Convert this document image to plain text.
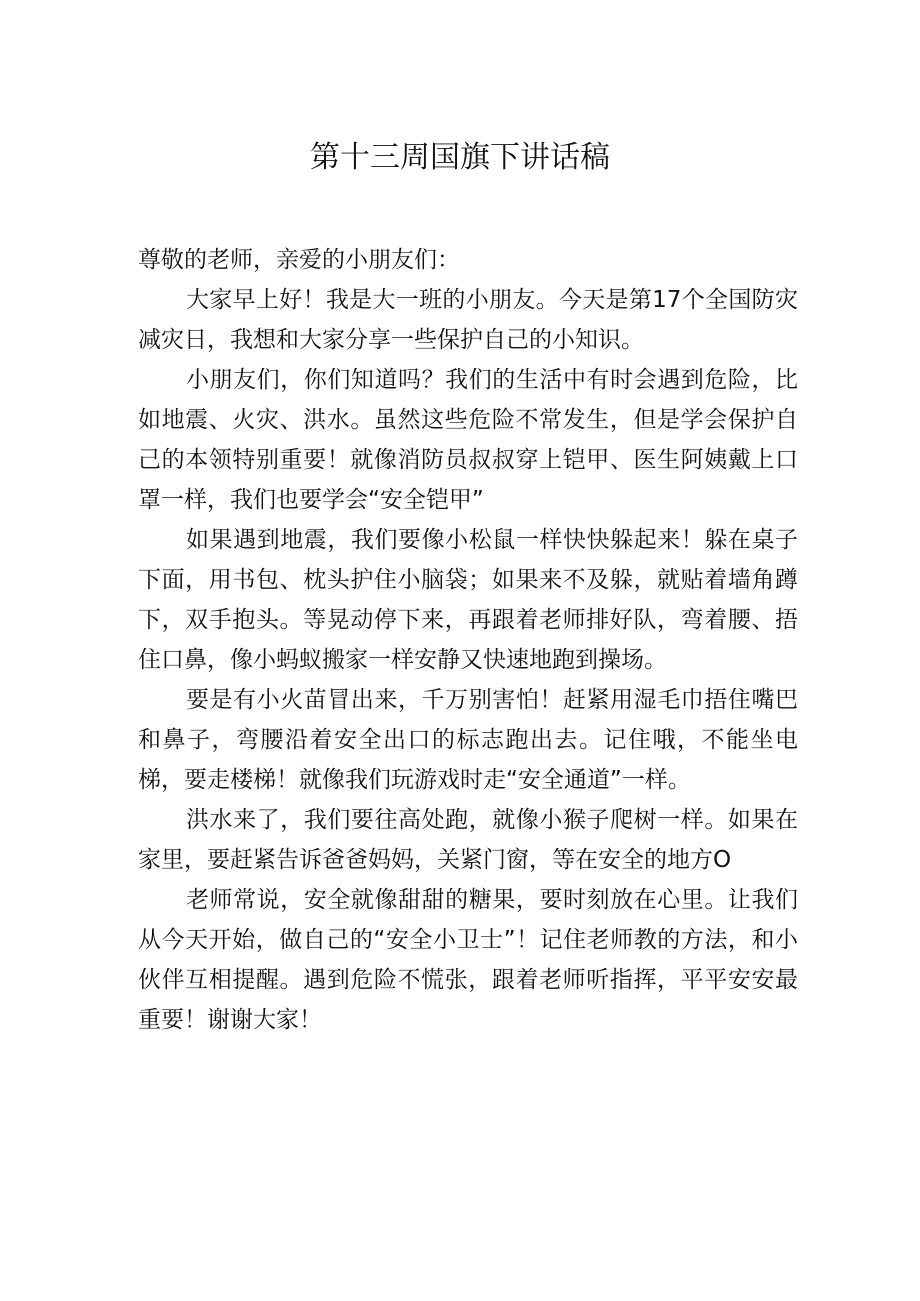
第十三周国旗下讲话稿

尊敬的老师，亲爱的小朋友们：

大家早上好！我是大一班的小朋友。今天是第17个全国防灾减灾日，我想和大家分享一些保护自己的小知识。

小朋友们，你们知道吗？我们的生活中有时会遇到危险，比如地震、火灾、洪水。虽然这些危险不常发生，但是学会保护自己的本领特别重要！就像消防员叔叔穿上铠甲、医生阿姨戴上口罩一样，我们也要学会“安全铠甲”

如果遇到地震，我们要像小松鼠一样快快躲起来！躲在桌子下面，用书包、枕头护住小脑袋；如果来不及躲，就贴着墙角蹲下，双手抱头。等晃动停下来，再跟着老师排好队，弯着腰、捂住口鼻，像小蚂蚁搬家一样安静又快速地跑到操场。

要是有小火苗冒出来，千万别害怕！赶紧用湿毛巾捂住嘴巴和鼻子，弯腰沿着安全出口的标志跑出去。记住哦，不能坐电梯，要走楼梯！就像我们玩游戏时走“安全通道”一样。

洪水来了，我们要往高处跑，就像小猴子爬树一样。如果在家里，要赶紧告诉爸爸妈妈，关紧门窗，等在安全的地方O

老师常说，安全就像甜甜的糖果，要时刻放在心里。让我们从今天开始，做自己的“安全小卫士”！记住老师教的方法，和小伙伴互相提醒。遇到危险不慌张，跟着老师听指挥，平平安安最重要！谢谢大家！
